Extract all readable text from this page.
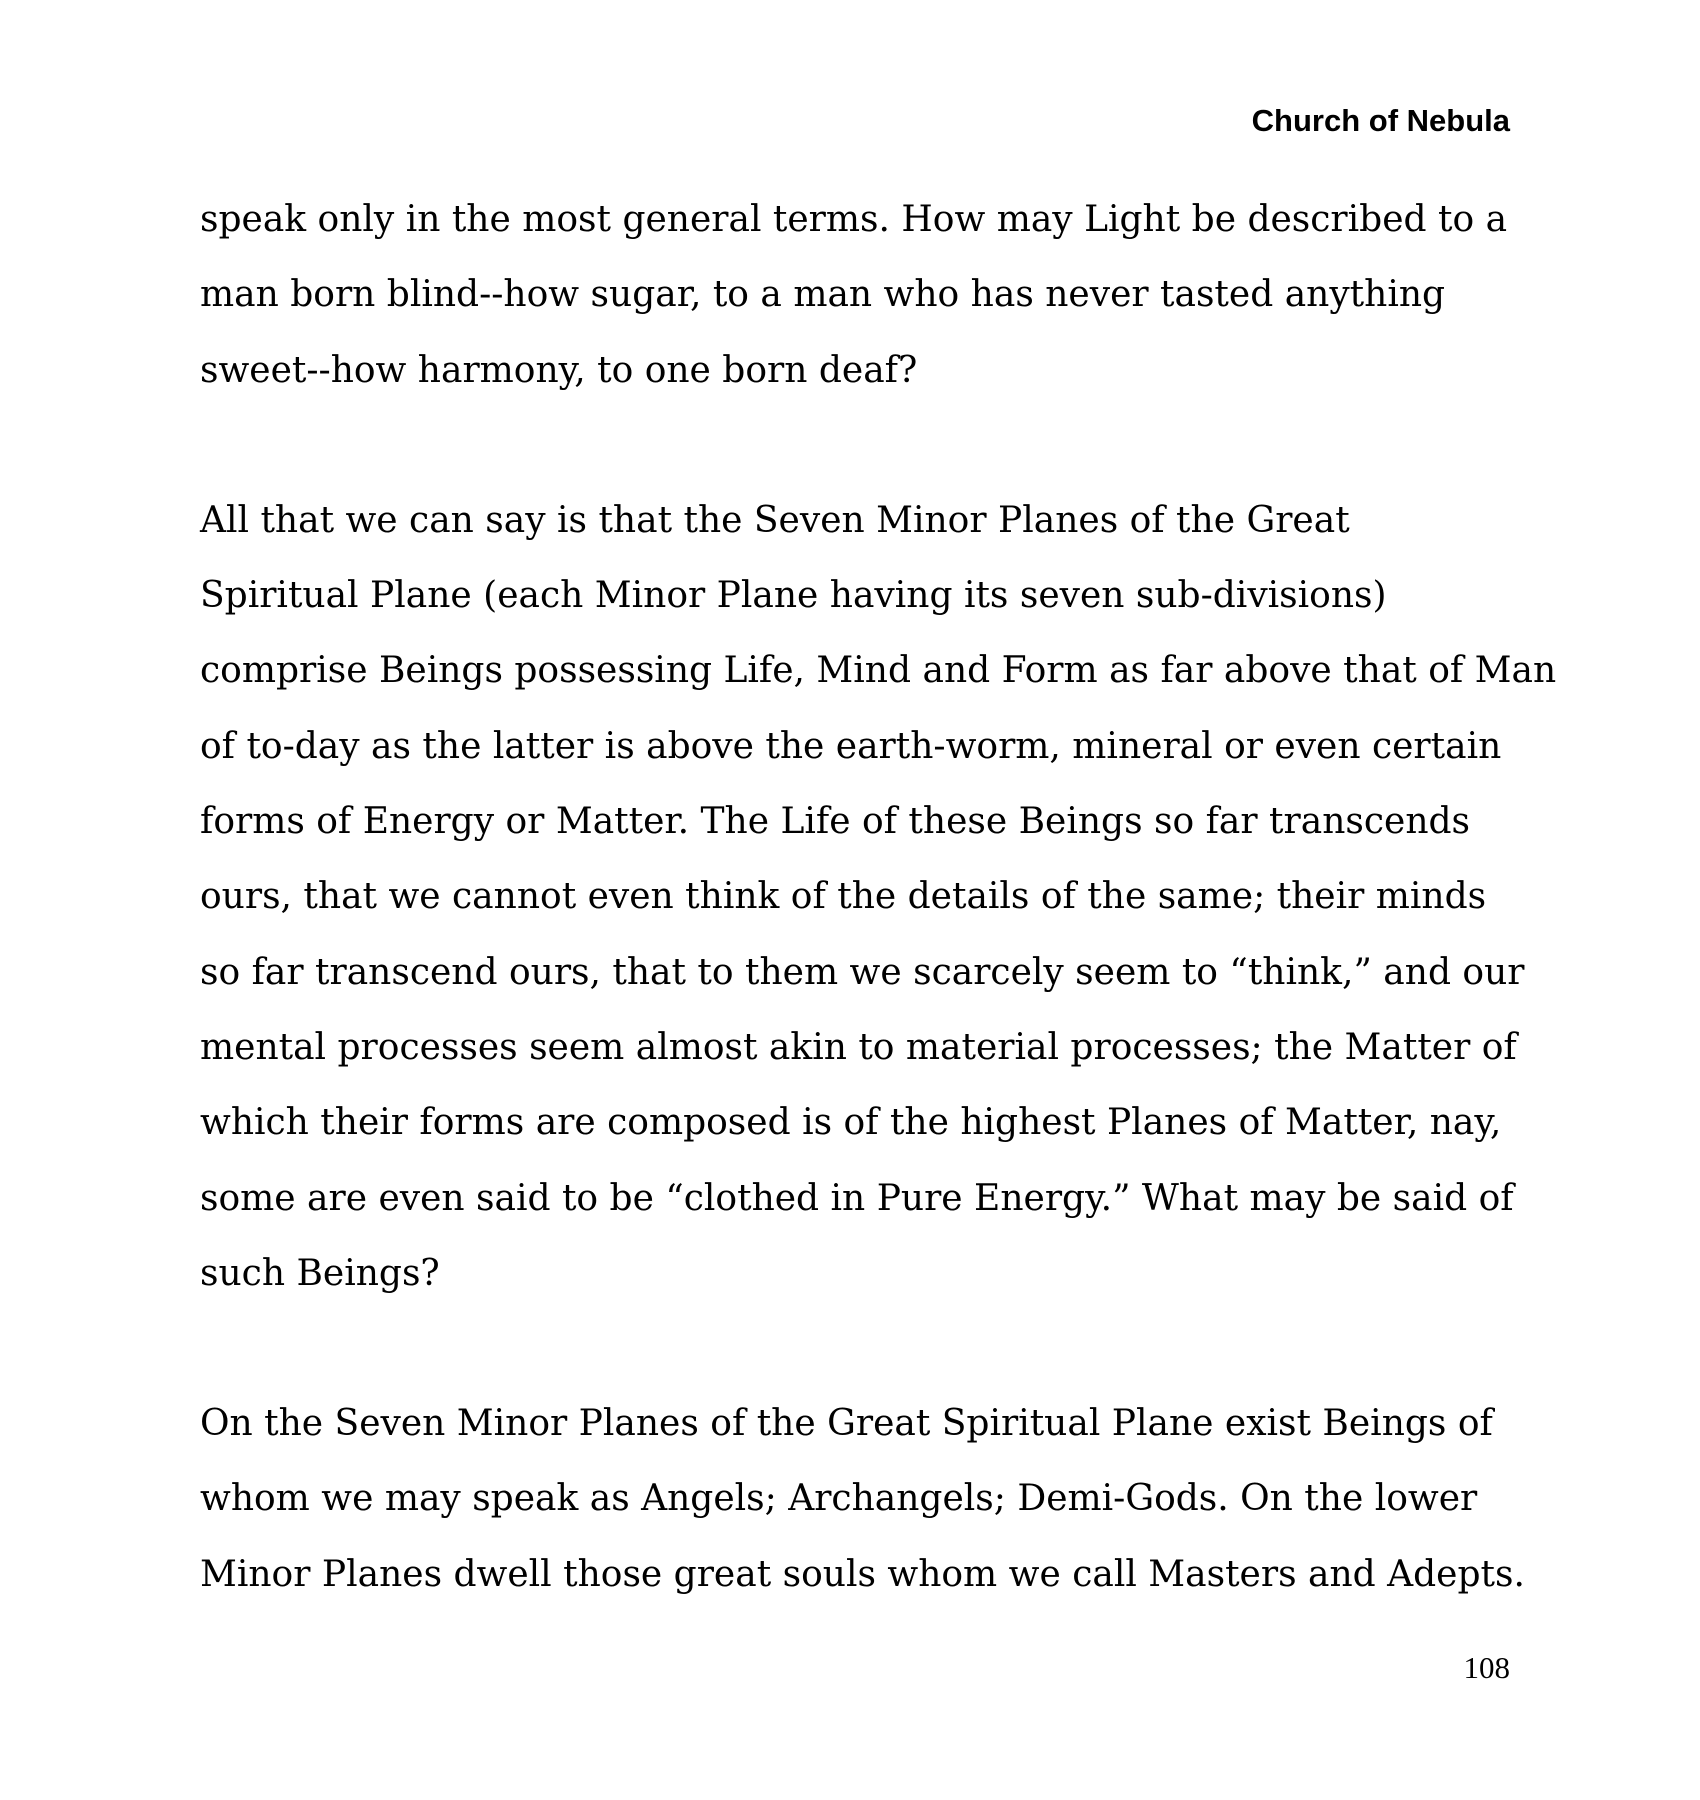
Church of Nebula
speak only in the most general terms. How may Light be described to a
man born blind--how sugar, to a man who has never tasted anything
sweet--how harmony, to one born deaf?
All that we can say is that the Seven Minor Planes of the Great
Spiritual Plane (each Minor Plane having its seven sub-divisions)
comprise Beings possessing Life, Mind and Form as far above that of Man
of to-day as the latter is above the earth-worm, mineral or even certain
forms of Energy or Matter. The Life of these Beings so far transcends
ours, that we cannot even think of the details of the same; their minds
so far transcend ours, that to them we scarcely seem to “think,” and our
mental processes seem almost akin to material processes; the Matter of
which their forms are composed is of the highest Planes of Matter, nay,
some are even said to be “clothed in Pure Energy.” What may be said of
such Beings?
On the Seven Minor Planes of the Great Spiritual Plane exist Beings of
whom we may speak as Angels; Archangels; Demi-Gods. On the lower
Minor Planes dwell those great souls whom we call Masters and Adepts.
108
